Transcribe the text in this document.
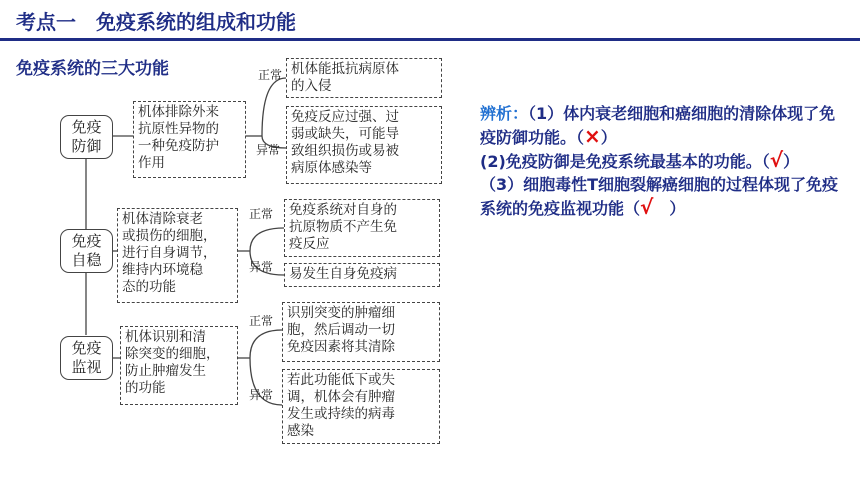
考点一　免疫系统的组成和功能
免疫系统的三大功能
免疫
防御
免疫
自稳
免疫
监视
机体排除外来
抗原性异物的
一种免疫防护
作用
机体清除衰老
或损伤的细胞，
进行自身调节，
维持内环境稳
态的功能
机体识别和清
除突变的细胞，
防止肿瘤发生
的功能
正常
异常
正常
异常
正常
异常
机体能抵抗病原体
的入侵
免疫反应过强、过
弱或缺失，可能导
致组织损伤或易被
病原体感染等
免疫系统对自身的
抗原物质不产生免
疫反应
易发生自身免疫病
识别突变的肿瘤细
胞，然后调动一切
免疫因素将其清除
若此功能低下或失
调，机体会有肿瘤
发生或持续的病毒
感染

辨析：（1）体内衰老细胞和癌细胞的清除体现了免疫防御功能。（×）

(2)免疫防御是免疫系统最基本的功能。（√）

（3）细胞毒性T细胞裂解癌细胞的过程体现了免疫系统的免疫监视功能（√　）
